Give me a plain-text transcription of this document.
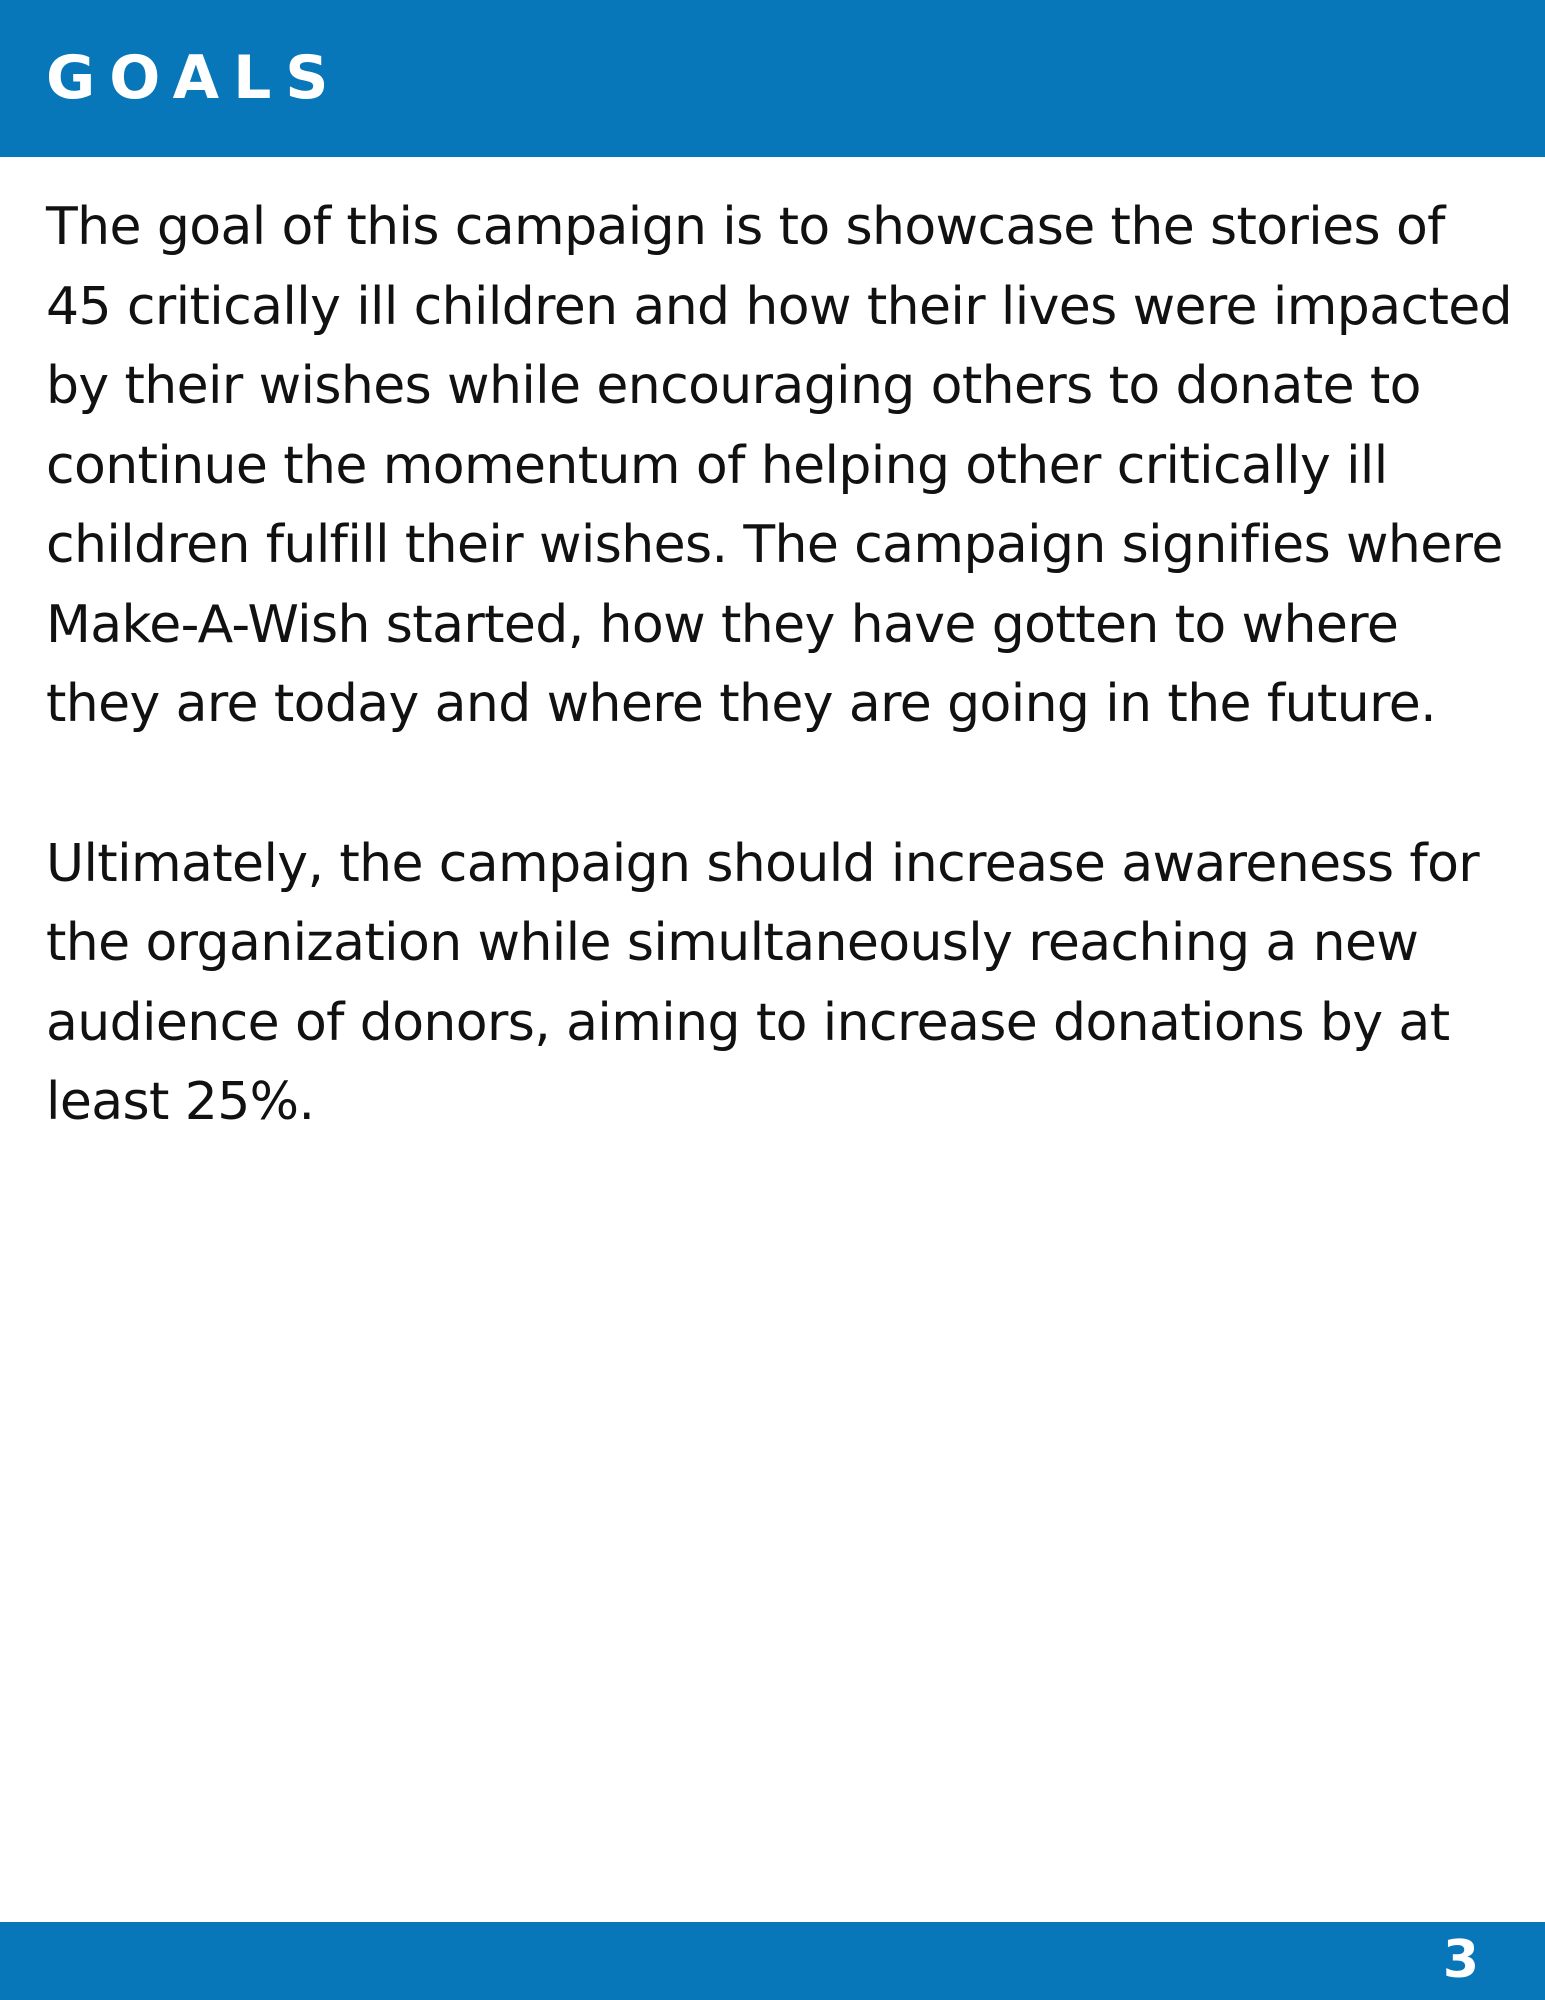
GOALS

The goal of this campaign is to showcase the stories of 45 critically ill children and how their lives were impacted by their wishes while encouraging others to donate to continue the momentum of helping other critically ill children fulfill their wishes. The campaign signifies where Make-A-Wish started, how they have gotten to where they are today and where they are going in the future.

Ultimately, the campaign should increase awareness for the organization while simultaneously reaching a new audience of donors, aiming to increase donations by at least 25%.

3
